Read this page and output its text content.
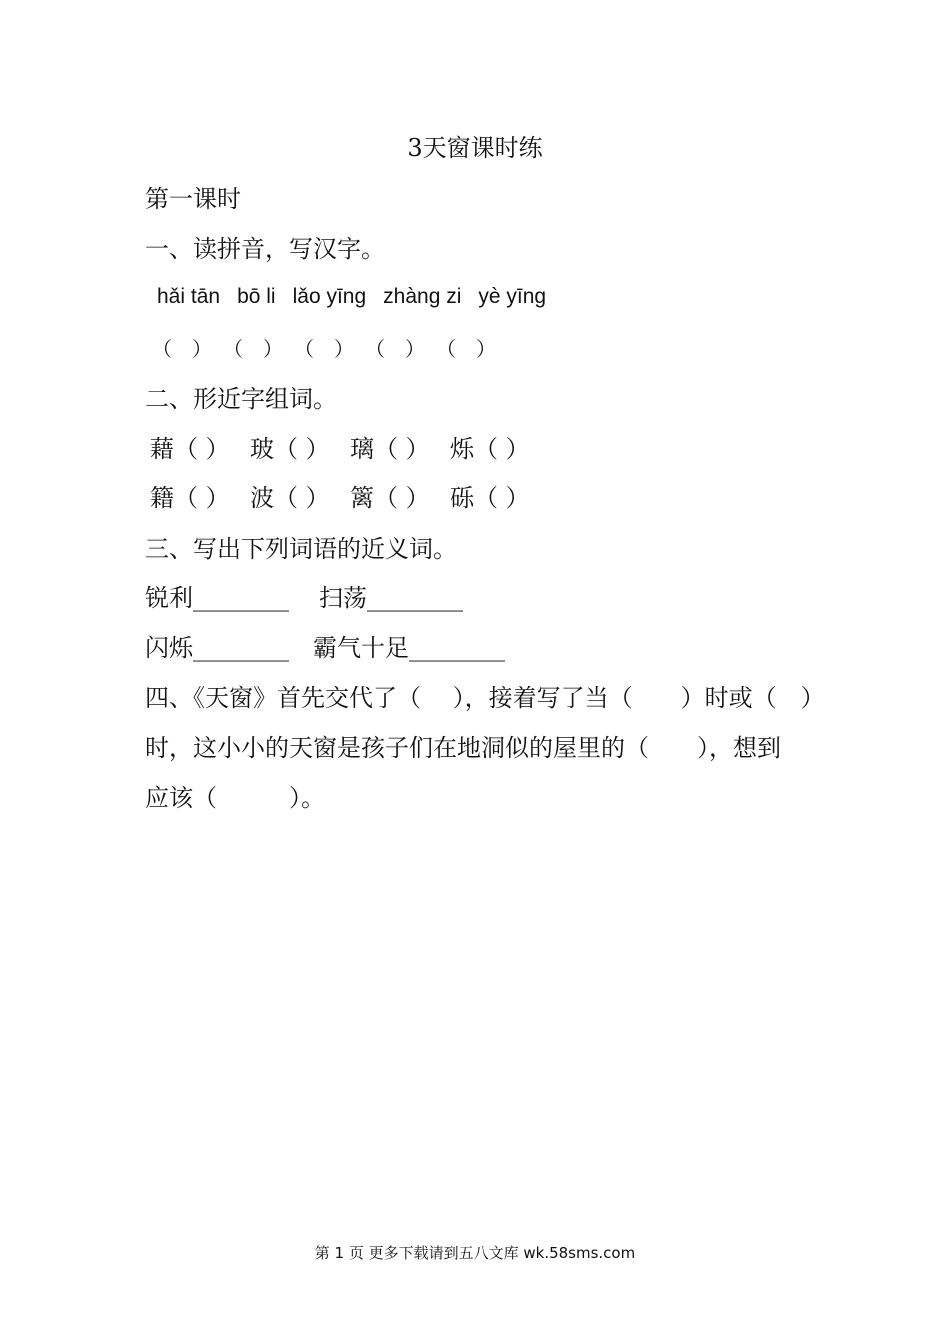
3天窗课时练
第一课时
一、读拼音，写汉字。
hǎi tān bō li lǎo yīng zhàng zi yè yīng
（　） （　） （　） （　） （　）
二、形近字组词。
藉（ ） 玻（ ） 璃（ ） 烁（ ）
籍（ ） 波（ ） 篱（ ） 砾（ ）
三、写出下列词语的近义词。
锐利________ 扫荡________
闪烁________ 霸气十足________
四、《天窗》首先交代了（　 ），接着写了当（　　）时或（　）
时，这小小的天窗是孩子们在地洞似的屋里的（　　），想到
应该（　　　）。
第 1 页 更多下载请到五八文库 wk.58sms.com
